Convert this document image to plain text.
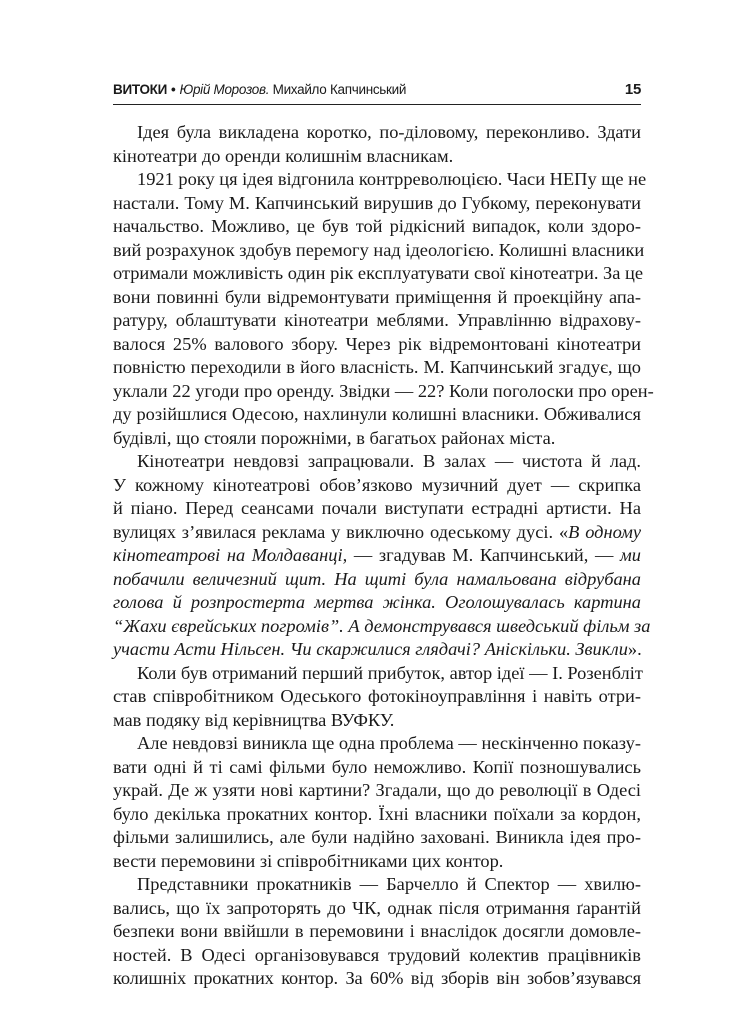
ВИТОКИ • Юрій Морозов. Михайло Капчинський	15
Ідея була викладена коротко, по-діловому, переконливо. Здати
кінотеатри до оренди колишнім власникам.
1921 року ця ідея відгонила контрреволюцією. Часи НЕПу ще не
настали. Тому М. Капчинський вирушив до Губкому, переконувати
начальство. Можливо, це був той рідкісний випадок, коли здоро-
вий розрахунок здобув перемогу над ідеологією. Колишні власники
отримали можливість один рік експлуатувати свої кінотеатри. За це
вони повинні були відремонтувати приміщення й проекційну апа-
ратуру, облаштувати кінотеатри меблями. Управлінню відрахову-
валося 25% валового збору. Через рік відремонтовані кінотеатри
повністю переходили в його власність. М. Капчинський згадує, що
уклали 22 угоди про оренду. Звідки — 22? Коли поголоски про орен-
ду розійшлися Одесою, нахлинули колишні власники. Обживалися
будівлі, що стояли порожніми, в багатьох районах міста.
Кінотеатри невдовзі запрацювали. В залах — чистота й лад.
У кожному кінотеатрові обов’язково музичний дует — скрипка
й піано. Перед сеансами почали виступати естрадні артисти. На
вулицях з’явилася реклама у виключно одеському дусі. «В одному
кінотеатрові на Молдаванці, — згадував М. Капчинський, — ми
побачили величезний щит. На щиті була намальована відрубана
голова й розпростерта мертва жінка. Оголошувалась картина
“Жахи єврейських погромів”. А демонструвався шведський фільм за
участи Асти Нільсен. Чи скаржилися глядачі? Аніскільки. Звикли».
Коли був отриманий перший прибуток, автор ідеї — І. Розенбліт
став співробітником Одеського фотокіноуправління і навіть отри-
мав подяку від керівництва ВУФКУ.
Але невдовзі виникла ще одна проблема — нескінченно показу-
вати одні й ті самі фільми було неможливо. Копії позношувались
украй. Де ж узяти нові картини? Згадали, що до революції в Одесі
було декілька прокатних контор. Їхні власники поїхали за кордон,
фільми залишились, але були надійно заховані. Виникла ідея про-
вести перемовини зі співробітниками цих контор.
Представники прокатників — Барчелло й Спектор — хвилю-
вались, що їх запроторять до ЧК, однак після отримання ґарантій
безпеки вони ввійшли в перемовини і внаслідок досягли домовле-
ностей. В Одесі організовувався трудовий колектив працівників
колишніх прокатних контор. За 60% від зборів він зобов’язувався
